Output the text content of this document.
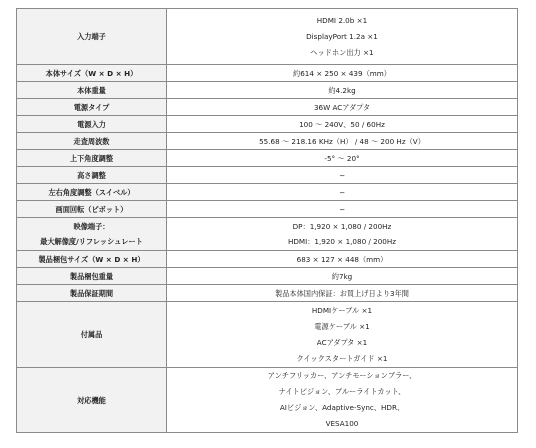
入力端子	HDMI 2.0b ×1
DisplayPort 1.2a ×1
ヘッドホン出力 ×1

本体サイズ（W × D × H）	約614 × 250 × 439（mm）
本体重量	約4.2kg
電源タイプ	36W ACアダプタ
電源入力	100 ～ 240V、50 / 60Hz
走査周波数	55.68 ～ 218.16 KHz（H） / 48 ～ 200 Hz（V）
上下角度調整	-5° ～ 20°
高さ調整	−
左右角度調整（スイベル）	−
画面回転（ピボット）	−

映像端子：
最大解像度/リフレッシュレート	DP：1,920 × 1,080 / 200Hz
HDMI：1,920 × 1,080 / 200Hz

製品梱包サイズ（W × D × H）	683 × 127 × 448（mm）
製品梱包重量	約7kg
製品保証期間	製品本体国内保証：お買上げ日より3年間
付属品	HDMIケーブル ×1
電源ケーブル ×1
ACアダプタ ×1
クイックスタートガイド ×1

対応機能	アンチフリッカー、アンチモーションブラー、
ナイトビジョン、ブルーライトカット、
AIビジョン、Adaptive-Sync、HDR、
VESA100
